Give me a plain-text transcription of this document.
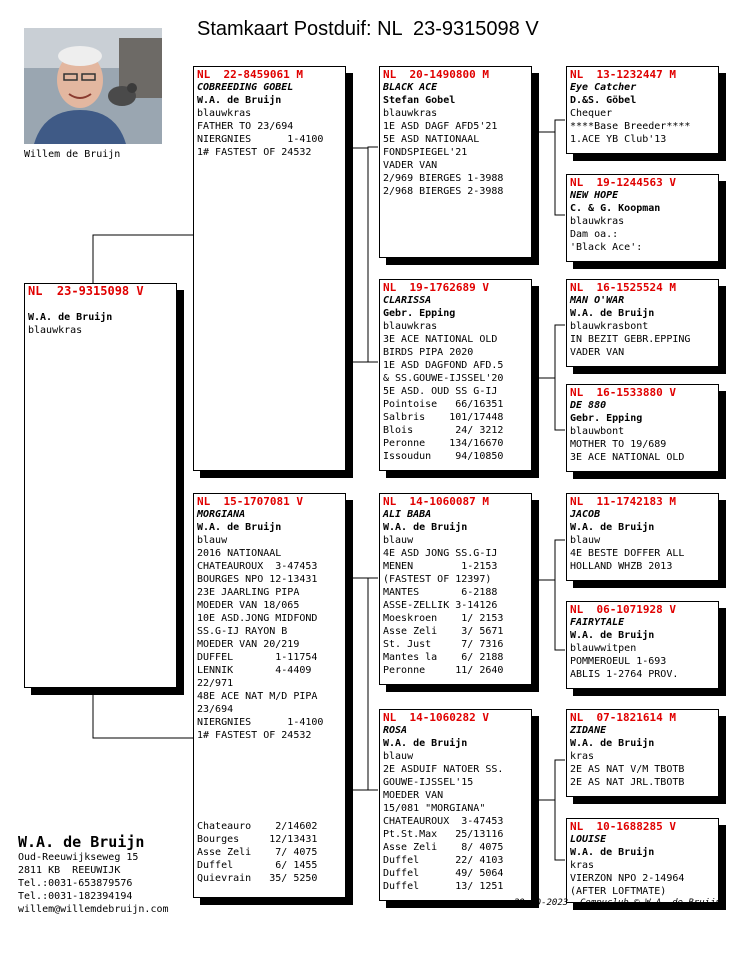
Stamkaart Postduif: NL  23-9315098 V
Willem de Bruijn
NL  23-9315098 V
W.A. de Bruijn
blauwkras
NL  22-8459061 M
COBREEDING GOBEL
W.A. de Bruijn
blauwkras
FATHER TO 23/694
NIERGNIES      1-4100
1# FASTEST OF 24532
NL  15-1707081 V
MORGIANA
W.A. de Bruijn
blauw
2016 NATIONAAL
CHATEAUROUX  3-47453
BOURGES NPO 12-13431
23E JAARLING PIPA
MOEDER VAN 18/065
10E ASD.JONG MIDFOND
SS.G-IJ RAYON B
MOEDER VAN 20/219
DUFFEL       1-11754
LENNIK       4-4409
22/971
48E ACE NAT M/D PIPA
23/694
NIERGNIES      1-4100
1# FASTEST OF 24532
Chateauro    2/14602
Bourges     12/13431
Asse Zeli    7/ 4075
Duffel       6/ 1455
Quievrain   35/ 5250
NL  20-1490800 M
BLACK ACE
Stefan Gobel
blauwkras
1E ASD DAGF AFD5'21
5E ASD NATIONAAL
FONDSPIEGEL'21
VADER VAN
2/969 BIERGES 1-3988
2/968 BIERGES 2-3988
NL  19-1762689 V
CLARISSA
Gebr. Epping
blauwkras
3E ACE NATIONAL OLD
BIRDS PIPA 2020
1E ASD DAGFOND AFD.5
& SS.GOUWE-IJSSEL'20
5E ASD. OUD SS G-IJ
Pointoise   66/16351
Salbris    101/17448
Blois       24/ 3212
Peronne    134/16670
Issoudun    94/10850
NL  14-1060087 M
ALI BABA
W.A. de Bruijn
blauw
4E ASD JONG SS.G-IJ
MENEN        1-2153
(FASTEST OF 12397)
MANTES       6-2188
ASSE-ZELLIK 3-14126
Moeskroen    1/ 2153
Asse Zeli    3/ 5671
St. Just     7/ 7316
Mantes la    6/ 2188
Peronne     11/ 2640
NL  14-1060282 V
ROSA
W.A. de Bruijn
blauw
2E ASDUIF NATOER SS.
GOUWE-IJSSEL'15
MOEDER VAN
15/081 "MORGIANA"
CHATEAUROUX  3-47453
Pt.St.Max   25/13116
Asse Zeli    8/ 4075
Duffel      22/ 4103
Duffel      49/ 5064
Duffel      13/ 1251
NL  13-1232447 M
Eye Catcher
D.&S. Göbel
Chequer
****Base Breeder****
1.ACE YB Club'13
NL  19-1244563 V
NEW HOPE
C. & G. Koopman
blauwkras
Dam oa.:
'Black Ace':
NL  16-1525524 M
MAN O'WAR
W.A. de Bruijn
blauwkrasbont
IN BEZIT GEBR.EPPING
VADER VAN
NL  16-1533880 V
DE 880
Gebr. Epping
blauwbont
MOTHER TO 19/689
3E ACE NATIONAL OLD
NL  11-1742183 M
JACOB
W.A. de Bruijn
blauw
4E BESTE DOFFER ALL
HOLLAND WHZB 2013
NL  06-1071928 V
FAIRYTALE
W.A. de Bruijn
blauwwitpen
POMMEROEUL 1-693
ABLIS 1-2764 PROV.
NL  07-1821614 M
ZIDANE
W.A. de Bruijn
kras
2E AS NAT V/M TBOTB
2E AS NAT JRL.TBOTB
NL  10-1688285 V
LOUISE
W.A. de Bruijn
kras
VIERZON NPO 2-14964
(AFTER LOFTMATE)
W.A. de Bruijn
Oud-Reeuwijkseweg 15
2811 KB  REEUWIJK
Tel.:0031-653879576
Tel.:0031-182394194
willem@willemdebruijn.com
29-10-2023 Compuclub © W.A. de Bruijn
